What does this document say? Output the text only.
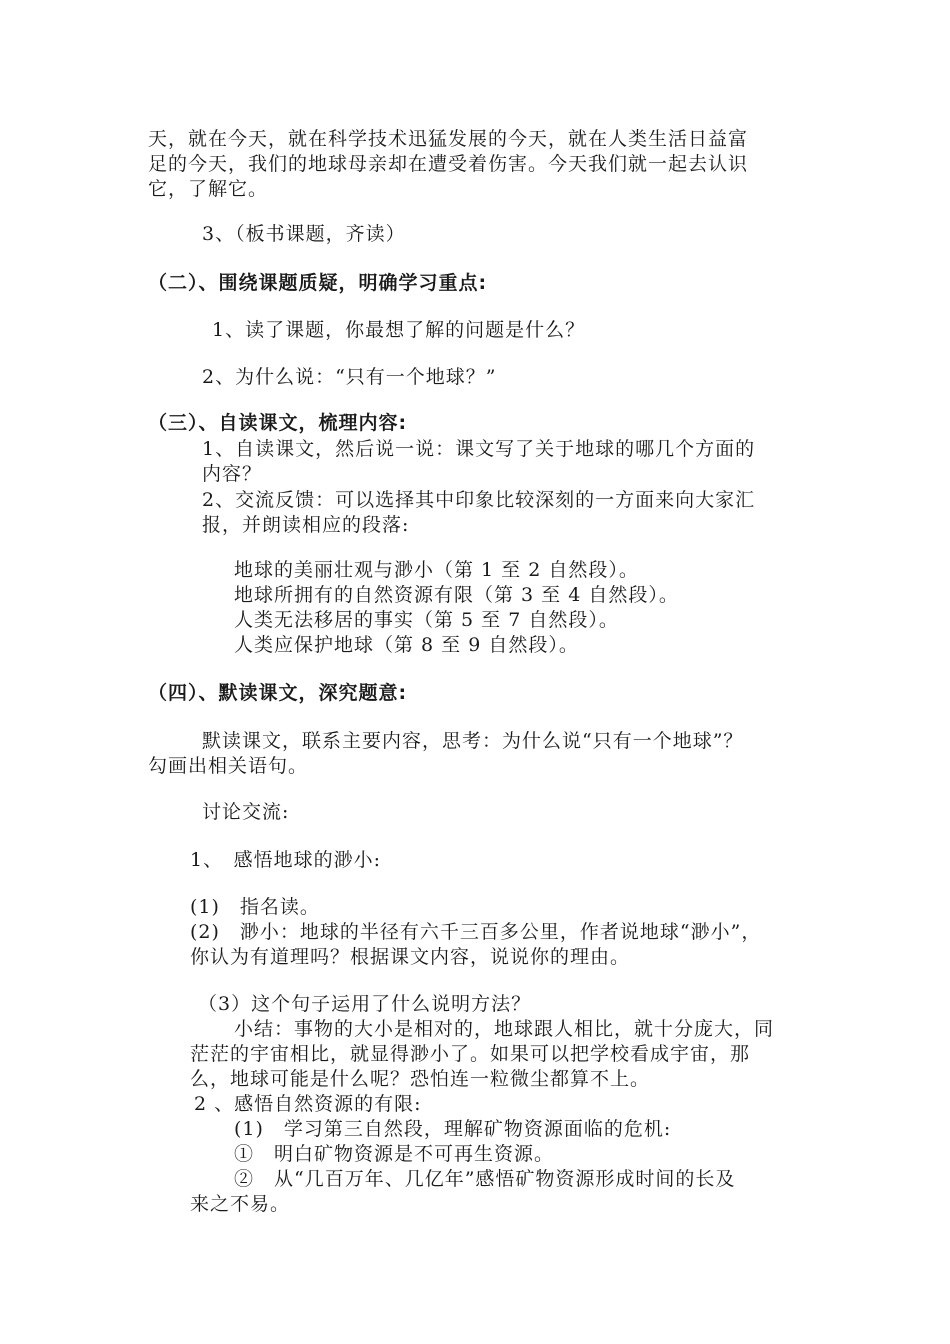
天，就在今天，就在科学技术迅猛发展的今天，就在人类生活日益富
足的今天，我们的地球母亲却在遭受着伤害。今天我们就一起去认识
它，了解它。
3、（板书课题，齐读）
（二）、围绕课题质疑，明确学习重点:
1、读了课题，你最想了解的问题是什么？
2、为什么说：“只有一个地球？”
（三）、自读课文，梳理内容:
1、自读课文，然后说一说：课文写了关于地球的哪几个方面的
内容？
2、交流反馈：可以选择其中印象比较深刻的一方面来向大家汇
报，并朗读相应的段落:
地球的美丽壮观与渺小（第 1 至 2 自然段）。
地球所拥有的自然资源有限（第 3 至 4 自然段）。
人类无法移居的事实（第 5 至 7 自然段）。
人类应保护地球（第 8 至 9 自然段）。
（四）、默读课文，深究题意:
默读课文，联系主要内容，思考：为什么说“只有一个地球”？
勾画出相关语句。
讨论交流:
1、　感悟地球的渺小:
(1)　指名读。
(2)　渺小：地球的半径有六千三百多公里，作者说地球“渺小”，
你认为有道理吗？根据课文内容，说说你的理由。
（3）这个句子运用了什么说明方法？
小结：事物的大小是相对的，地球跟人相比，就十分庞大，同
茫茫的宇宙相比，就显得渺小了。如果可以把学校看成宇宙，那
么，地球可能是什么呢？恐怕连一粒微尘都算不上。
2 、感悟自然资源的有限:
(1)　学习第三自然段，理解矿物资源面临的危机:
①　明白矿物资源是不可再生资源。
②　从“几百万年、几亿年”感悟矿物资源形成时间的长及
来之不易。
